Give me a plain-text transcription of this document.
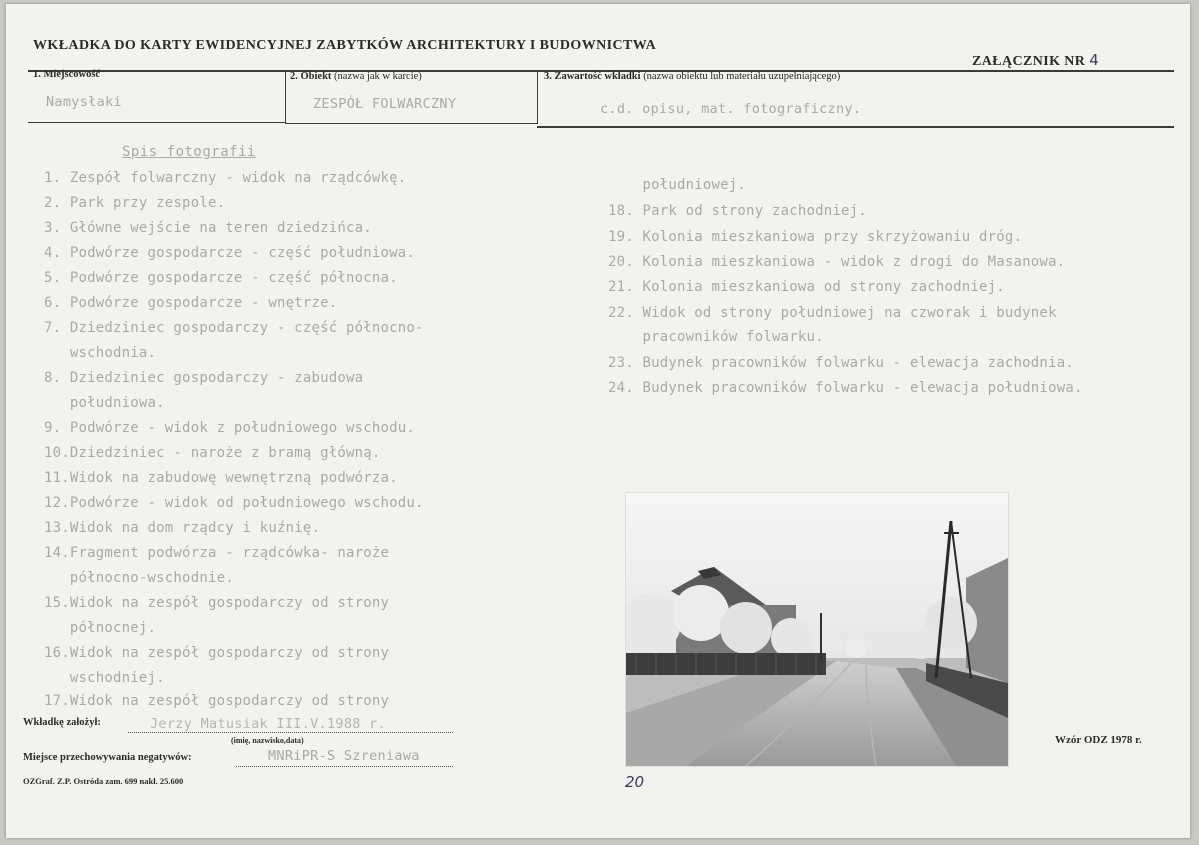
WKŁADKA DO KARTY EWIDENCYJNEJ ZABYTKÓW ARCHITEKTURY I BUDOWNICTWA
ZAŁĄCZNIK NR 4
1. Miejscowość
Namysłaki
2. Obiekt (nazwa jak w karcie)
ZESPÓŁ FOLWARCZNY
3. Zawartość wkładki (nazwa obiektu lub materiału uzupełniającego)
c.d. opisu, mat. fotograficzny.
Spis fotografii
1. Zespół folwarczny - widok na rządcówkę.
2. Park przy zespole.
3. Główne wejście na teren dziedzińca.
4. Podwórze gospodarcze - część południowa.
5. Podwórze gospodarcze - część północna.
6. Podwórze gospodarcze - wnętrze.
7. Dziedziniec gospodarczy - część północno-
wschodnia.
8. Dziedziniec gospodarczy - zabudowa
południowa.
9. Podwórze - widok z południowego wschodu.
10.Dziedziniec - naroże z bramą główną.
11.Widok na zabudowę wewnętrzną podwórza.
12.Podwórze - widok od południowego wschodu.
13.Widok na dom rządcy i kuźnię.
14.Fragment podwórza - rządcówka- naroże
północno-wschodnie.
15.Widok na zespół gospodarczy od strony
północnej.
16.Widok na zespół gospodarczy od strony
wschodniej.
17.Widok na zespół gospodarczy od strony
południowej.
18. Park od strony zachodniej.
19. Kolonia mieszkaniowa przy skrzyżowaniu dróg.
20. Kolonia mieszkaniowa - widok z drogi do Masanowa.
21. Kolonia mieszkaniowa od strony zachodniej.
22. Widok od strony południowej na czworak i budynek
pracowników folwarku.
23. Budynek pracowników folwarku - elewacja zachodnia.
24. Budynek pracowników folwarku - elewacja południowa.
Wkładkę założył:	Jerzy Matusiak III.V.1988 r.
(imię, nazwisko,data)
Miejsce przechowywania negatywów:	MNRiPR-S Szreniawa
OZGraf. Z.P. Ostróda zam. 699 nakł. 25.600
Wzór ODZ 1978 r.
20
